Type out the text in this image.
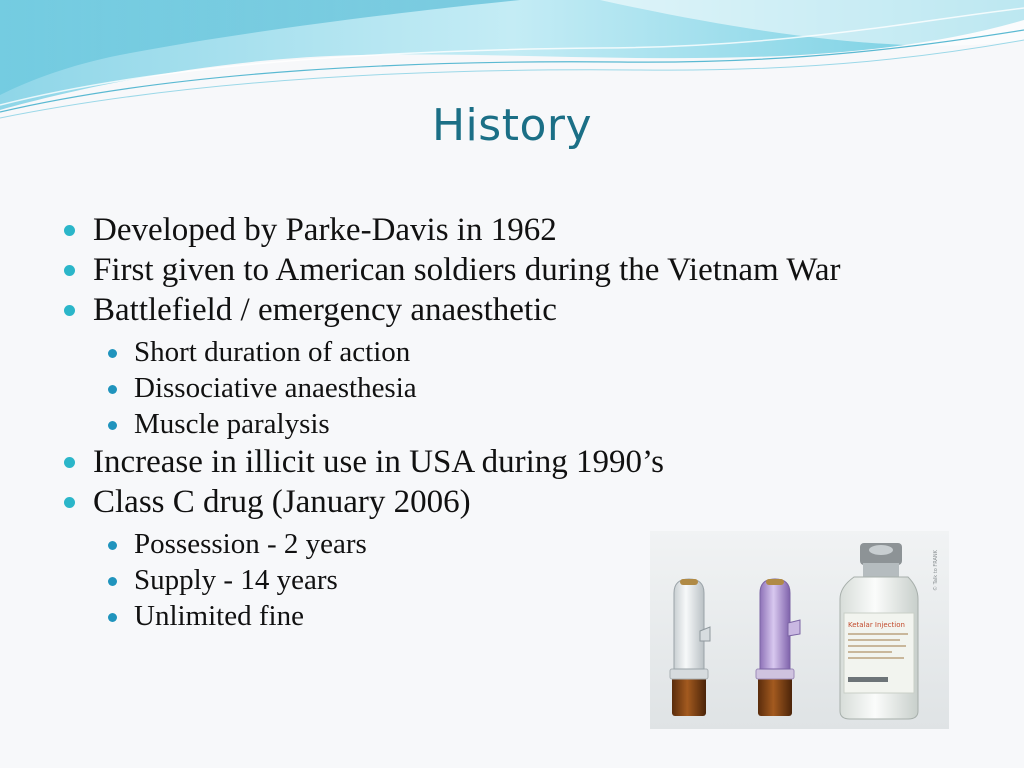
History
Developed by Parke-Davis in 1962
First given to American soldiers during the Vietnam War
Battlefield / emergency anaesthetic
Short duration of action
Dissociative anaesthesia
Muscle paralysis
Increase in illicit use in USA during 1990’s
Class C drug (January 2006)
Possession - 2 years
Supply - 14 years
Unlimited fine	Ketalar Injection
© Talk to FRANK
